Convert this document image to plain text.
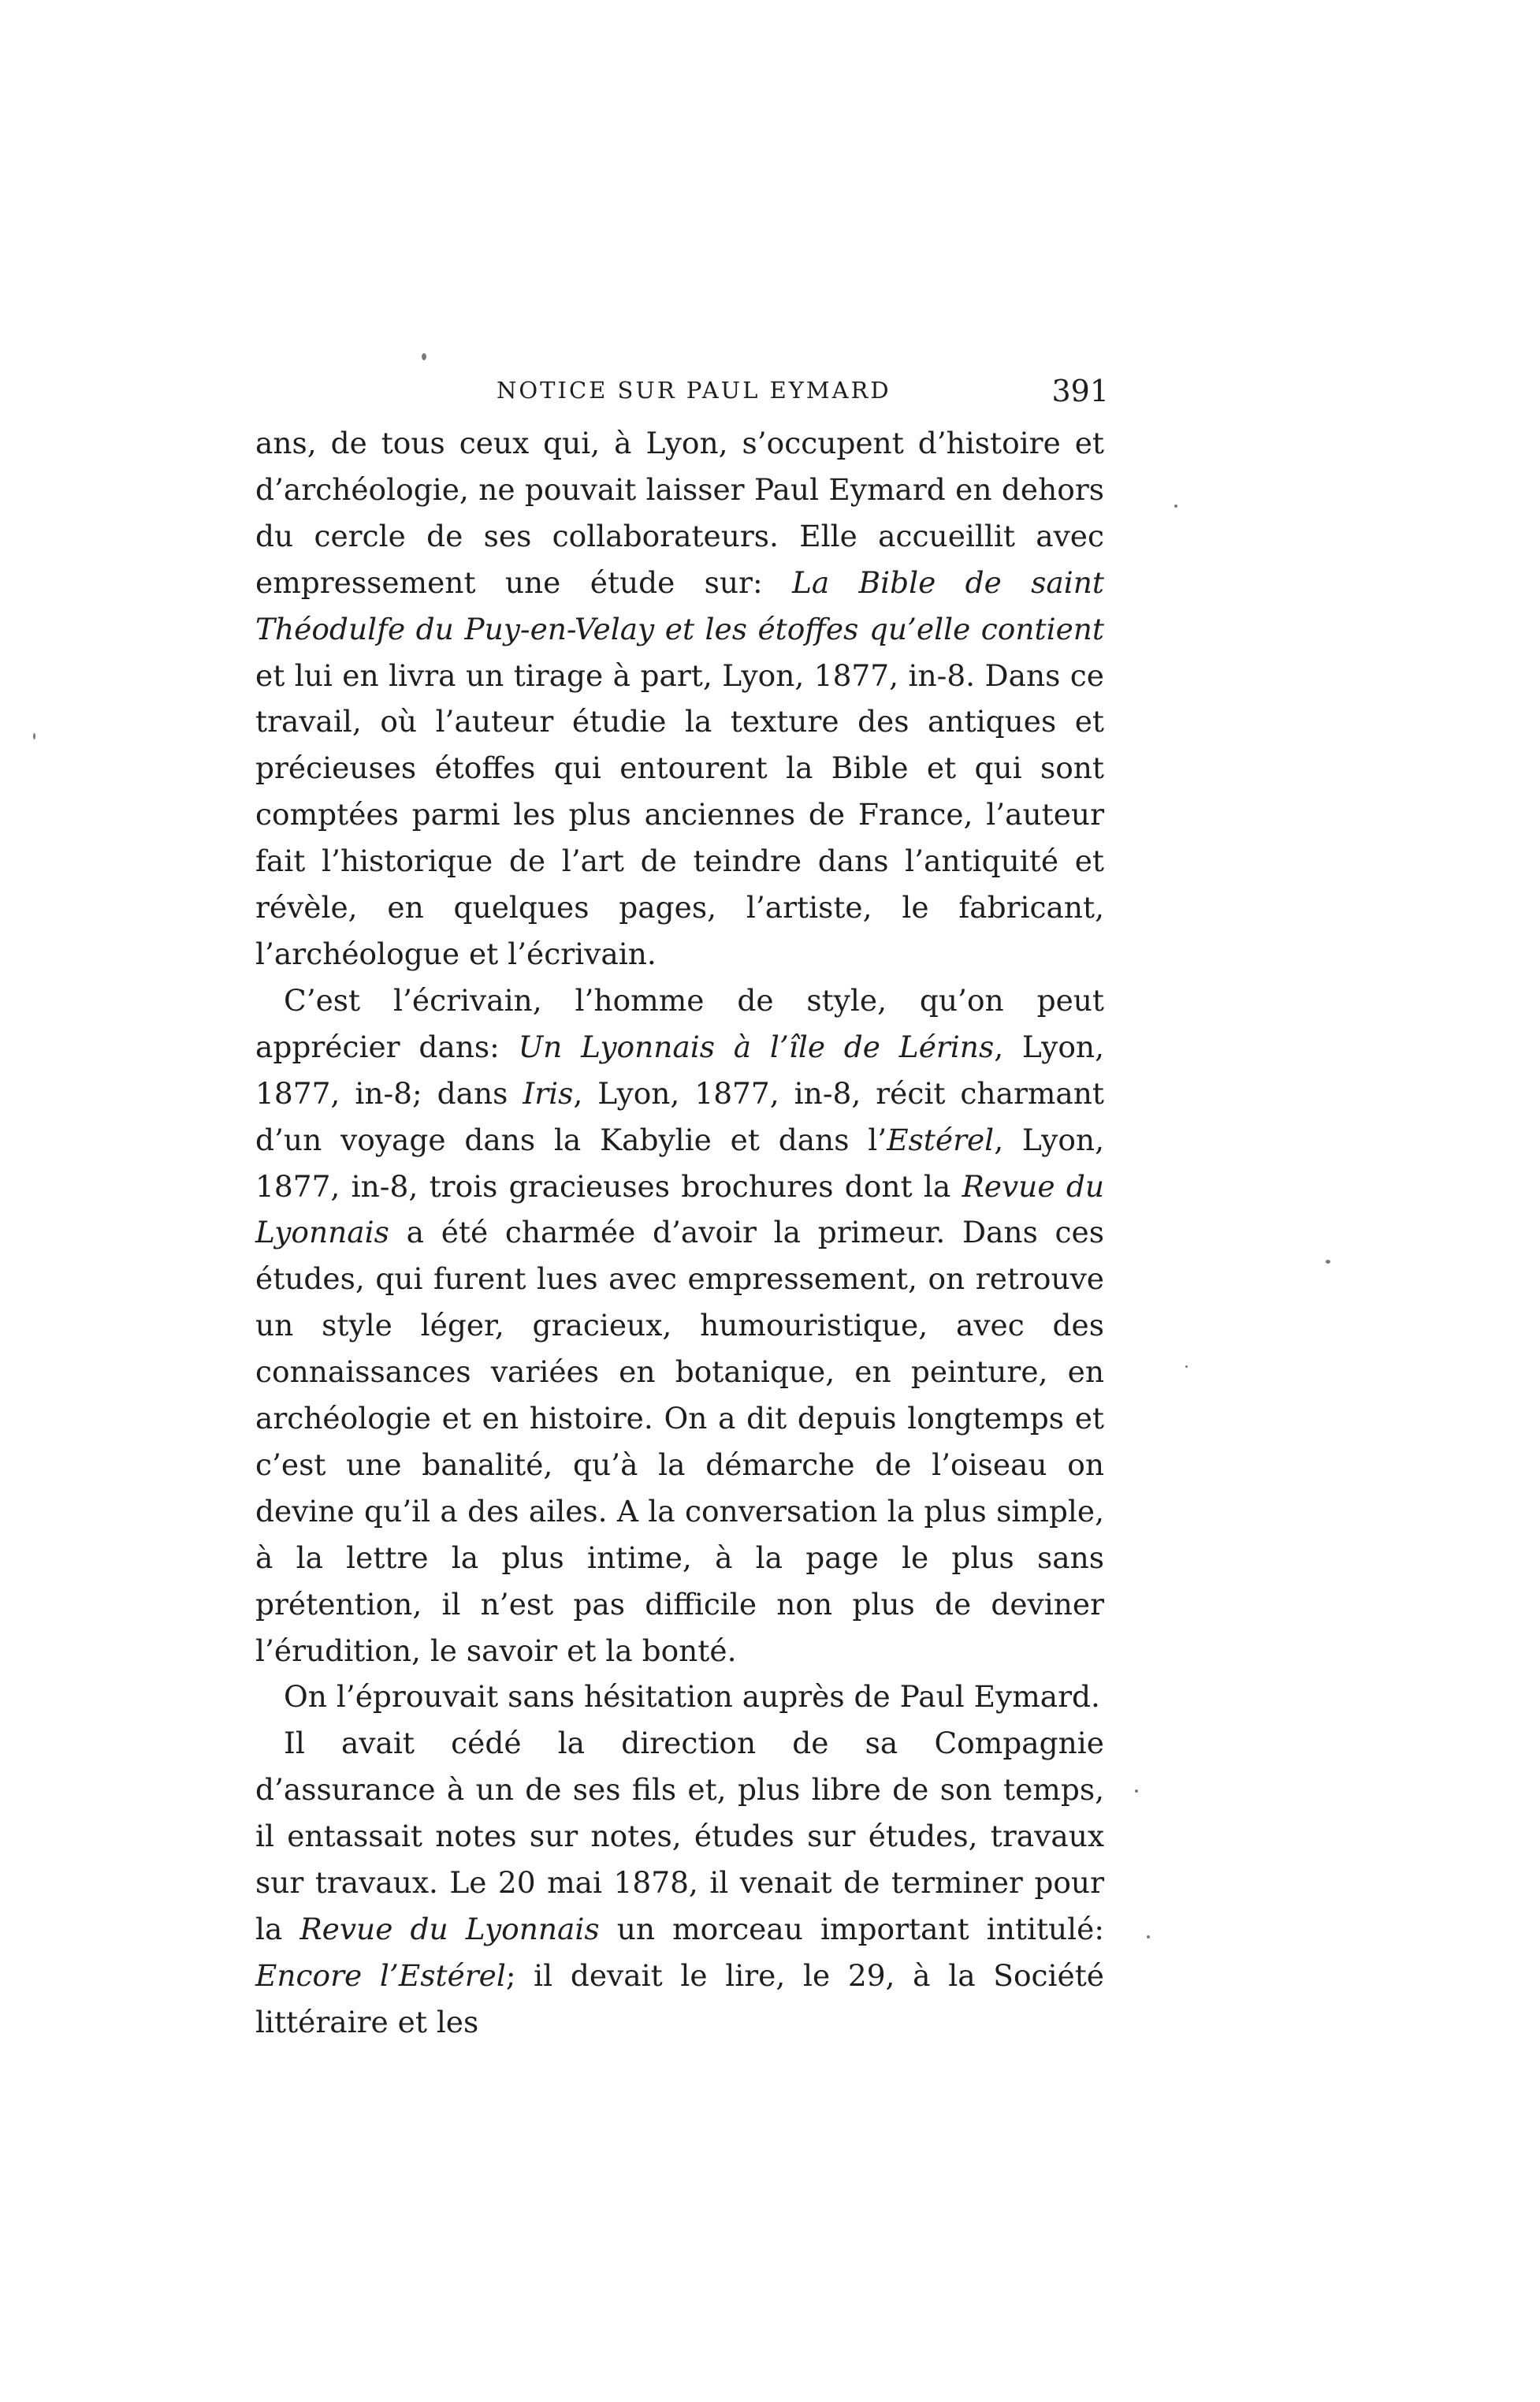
NOTICE SUR PAUL EYMARD	391

ans, de tous ceux qui, à Lyon, s’occupent d’histoire et d’archéologie, ne pouvait laisser Paul Eymard en dehors du cercle de ses collaborateurs. Elle accueillit avec empressement une étude sur: La Bible de saint Théodulfe du Puy-en-Velay et les étoffes qu’elle contient et lui en livra un tirage à part, Lyon, 1877, in-8. Dans ce travail, où l’auteur étudie la texture des antiques et précieuses étoffes qui entourent la Bible et qui sont comptées parmi les plus anciennes de France, l’auteur fait l’historique de l’art de teindre dans l’antiquité et révèle, en quelques pages, l’artiste, le fabricant, l’archéologue et l’écrivain.

C’est l’écrivain, l’homme de style, qu’on peut apprécier dans: Un Lyonnais à l’île de Lérins, Lyon, 1877, in-8; dans Iris, Lyon, 1877, in-8, récit charmant d’un voyage dans la Kabylie et dans l’Estérel, Lyon, 1877, in-8, trois gracieuses brochures dont la Revue du Lyonnais a été charmée d’avoir la primeur. Dans ces études, qui furent lues avec empressement, on retrouve un style léger, gracieux, humouristique, avec des connaissances variées en botanique, en peinture, en archéologie et en histoire. On a dit depuis longtemps et c’est une banalité, qu’à la démarche de l’oiseau on devine qu’il a des ailes. A la conversation la plus simple, à la lettre la plus intime, à la page le plus sans prétention, il n’est pas difficile non plus de deviner l’érudition, le savoir et la bonté.

On l’éprouvait sans hésitation auprès de Paul Eymard.

Il avait cédé la direction de sa Compagnie d’assurance à un de ses fils et, plus libre de son temps, il entassait notes sur notes, études sur études, travaux sur travaux. Le 20 mai 1878, il venait de terminer pour la Revue du Lyonnais un morceau important intitulé: Encore l’Estérel; il devait le lire, le 29, à la Société littéraire et les
